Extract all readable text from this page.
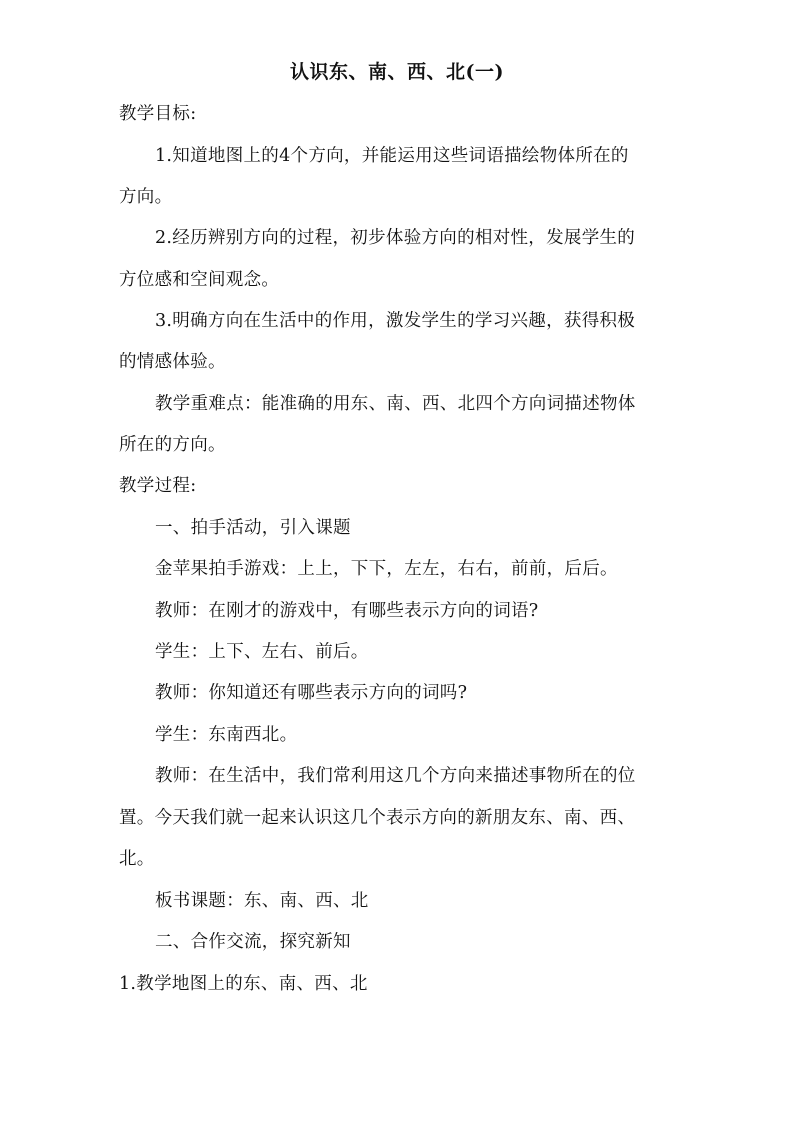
认识东、南、西、北(一)
教学目标:
1.知道地图上的4个方向，并能运用这些词语描绘物体所在的
方向。
2.经历辨别方向的过程，初步体验方向的相对性，发展学生的
方位感和空间观念。
3.明确方向在生活中的作用，激发学生的学习兴趣，获得积极
的情感体验。
教学重难点：能准确的用东、南、西、北四个方向词描述物体
所在的方向。
教学过程:
一、拍手活动，引入课题
金苹果拍手游戏：上上，下下，左左，右右，前前，后后。
教师：在刚才的游戏中，有哪些表示方向的词语?
学生：上下、左右、前后。
教师：你知道还有哪些表示方向的词吗?
学生：东南西北。
教师：在生活中，我们常利用这几个方向来描述事物所在的位
置。今天我们就一起来认识这几个表示方向的新朋友东、南、西、
北。
板书课题：东、南、西、北
二、合作交流，探究新知
1.教学地图上的东、南、西、北
